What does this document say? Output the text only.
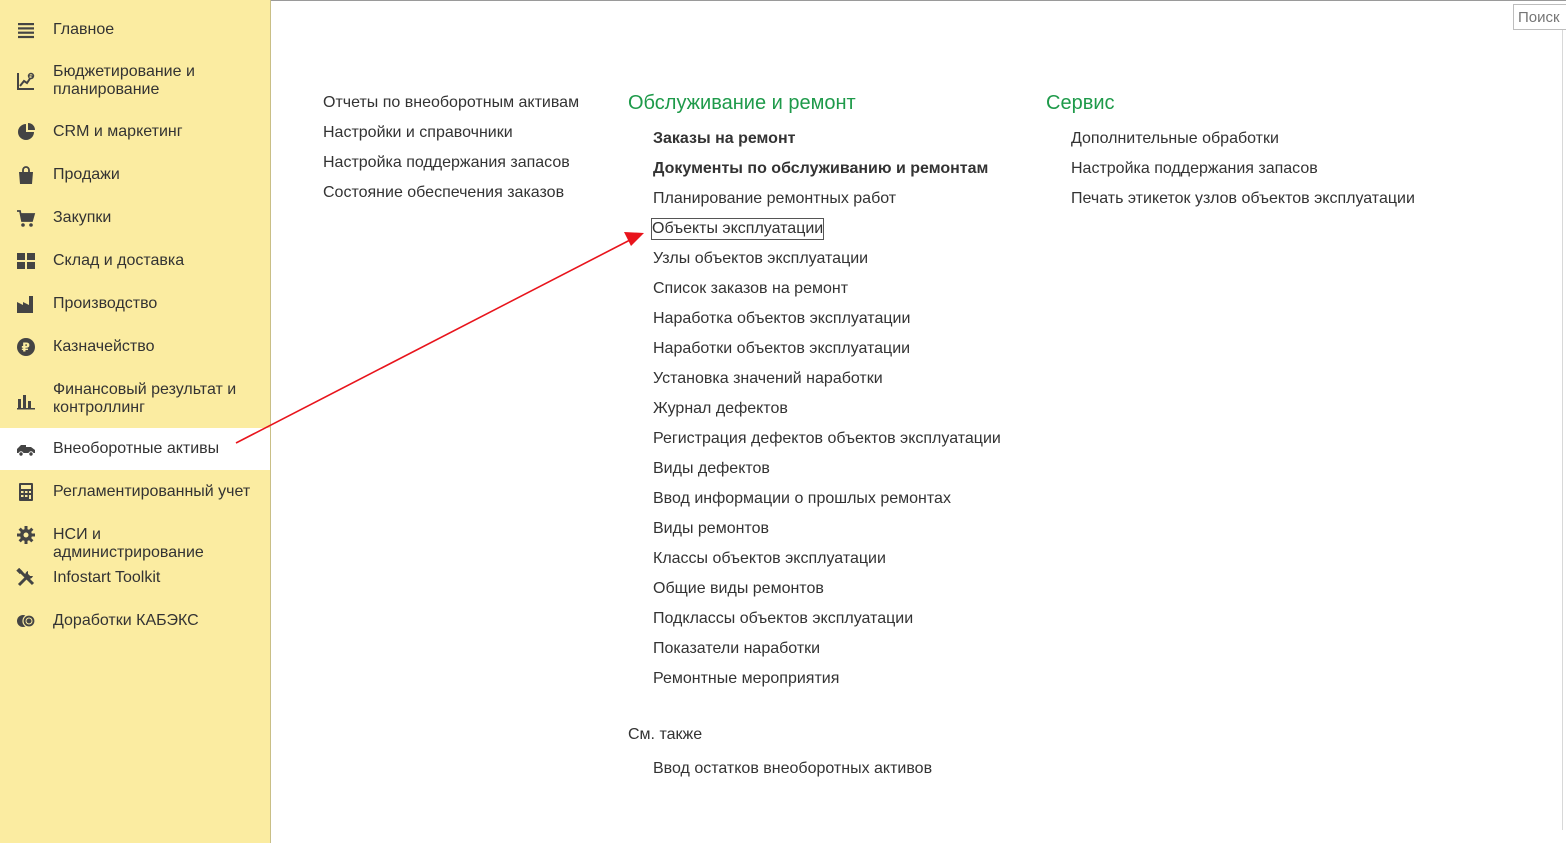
Главное
₽ Бюджетирование и планирование
CRM и маркетинг
Продажи
Закупки
Склад и доставка
Производство
₽ Казначейство
Финансовый результат и контроллинг
Внеоборотные активы
Регламентированный учет
НСИ и администрирование
Infostart Toolkit
Доработки КАБЭКС
Поиск
Отчеты по внеоборотным активам
Настройки и справочники
Настройка поддержания запасов
Состояние обеспечения заказов
Обслуживание и ремонт
Заказы на ремонт
Документы по обслуживанию и ремонтам
Планирование ремонтных работ
Объекты эксплуатации
Узлы объектов эксплуатации
Список заказов на ремонт
Наработка объектов эксплуатации
Наработки объектов эксплуатации
Установка значений наработки
Журнал дефектов
Регистрация дефектов объектов эксплуатации
Виды дефектов
Ввод информации о прошлых ремонтах
Виды ремонтов
Классы объектов эксплуатации
Общие виды ремонтов
Подклассы объектов эксплуатации
Показатели наработки
Ремонтные мероприятия
См. также
Ввод остатков внеоборотных активов
Сервис
Дополнительные обработки
Настройка поддержания запасов
Печать этикеток узлов объектов эксплуатации
